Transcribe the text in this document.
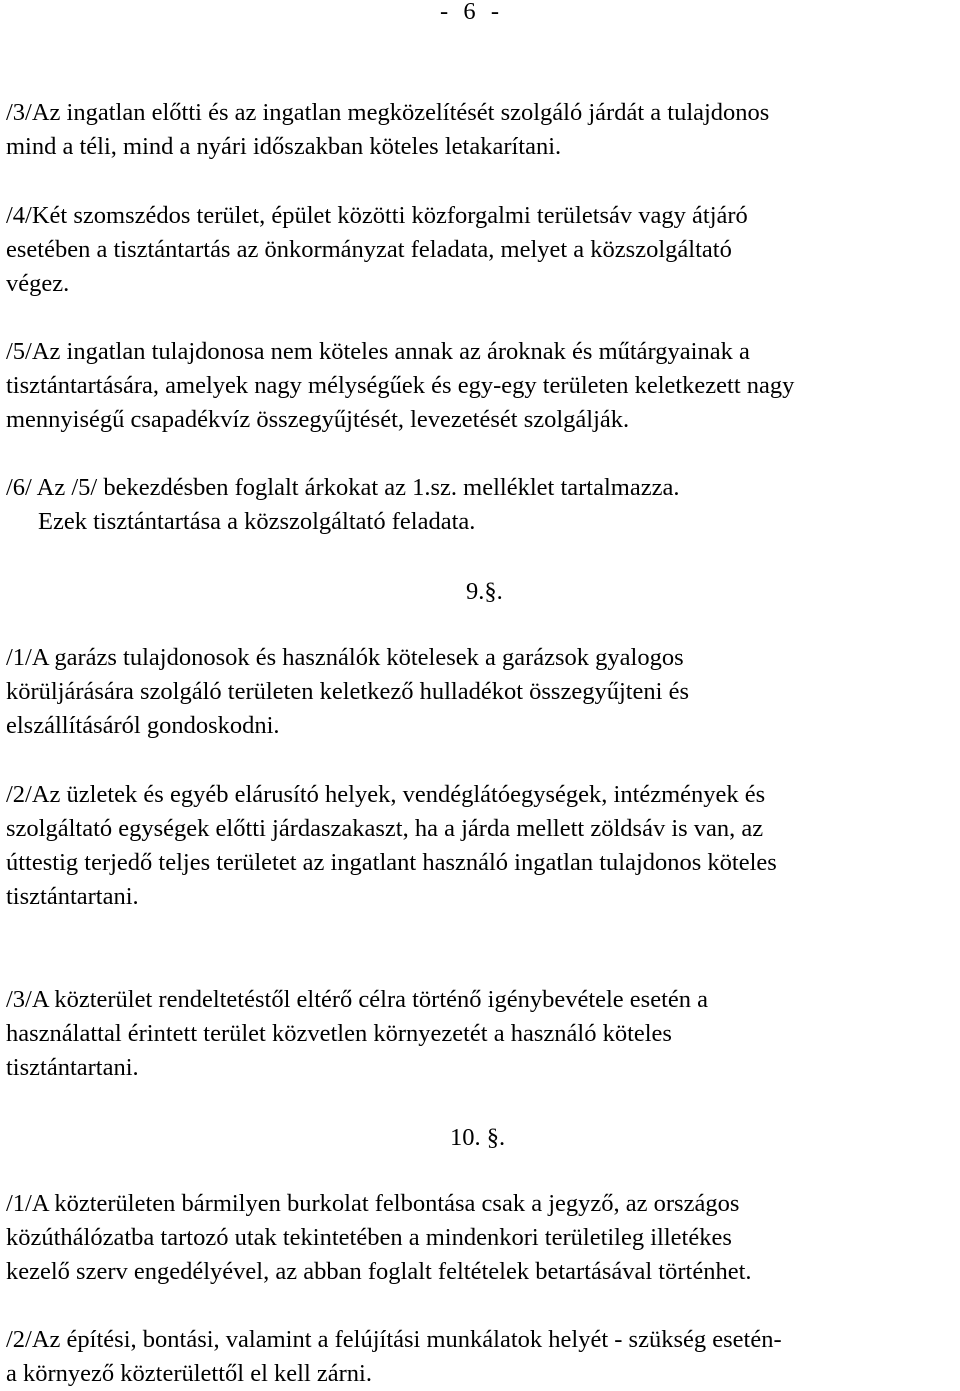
-  6  -
/3/Az ingatlan előtti és az ingatlan megközelítését szolgáló járdát a tulajdonos
mind a téli, mind a nyári időszakban köteles letakarítani.
/4/Két szomszédos terület, épület közötti közforgalmi területsáv vagy átjáró
esetében a tisztántartás az önkormányzat feladata, melyet a közszolgáltató
végez.
/5/Az ingatlan tulajdonosa nem köteles annak az ároknak és műtárgyainak a
tisztántartására, amelyek nagy mélységűek és egy-egy területen keletkezett nagy
mennyiségű csapadékvíz összegyűjtését, levezetését szolgálják.
/6/ Az /5/ bekezdésben foglalt árkokat az 1.sz. melléklet tartalmazza.
Ezek tisztántartása a közszolgáltató feladata.
9.§.
/1/A garázs tulajdonosok és használók kötelesek a garázsok gyalogos
körüljárására szolgáló területen keletkező hulladékot összegyűjteni és
elszállításáról gondoskodni.
/2/Az üzletek és egyéb elárusító helyek, vendéglátóegységek, intézmények és
szolgáltató egységek előtti járdaszakaszt, ha a járda mellett zöldsáv is van, az
úttestig terjedő teljes területet az ingatlant használó ingatlan tulajdonos köteles
tisztántartani.
/3/A közterület rendeltetéstől eltérő célra történő igénybevétele esetén a
használattal érintett terület közvetlen környezetét a használó köteles
tisztántartani.
10. §.
/1/A közterületen bármilyen burkolat felbontása csak a jegyző, az országos
közúthálózatba tartozó utak tekintetében a mindenkori területileg illetékes
kezelő szerv engedélyével, az abban foglalt feltételek betartásával történhet.
/2/Az építési, bontási, valamint a felújítási munkálatok helyét - szükség esetén-
a környező közterülettől el kell zárni.
